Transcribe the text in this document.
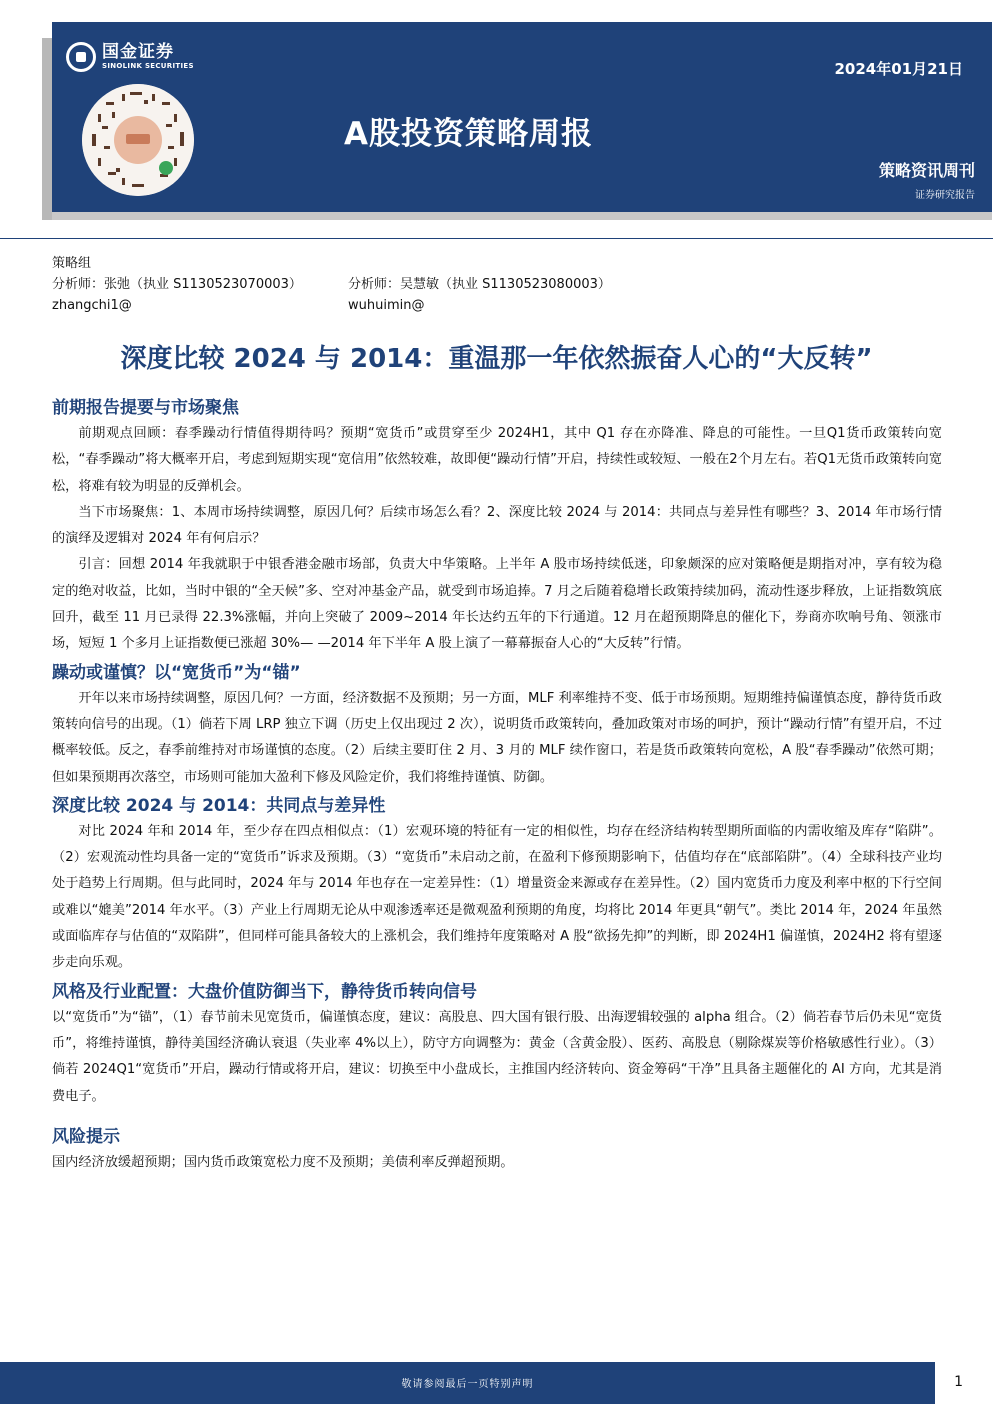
国金证券
SINOLINK SECURITIES	2024年01月21日
A股投资策略周报
策略资讯周刊
证券研究报告
策略组
分析师：张弛（执业 S1130523070003）	分析师：吴慧敏（执业 S1130523080003）
zhangchi1@	wuhuimin@
深度比较 2024 与 2014：重温那一年依然振奋人心的“大反转”
前期报告提要与市场聚焦

前期观点回顾：春季躁动行情值得期待吗？预期“宽货币”或贯穿至少 2024H1，其中 Q1 存在亦降准、降息的可能性。一旦Q1货币政策转向宽松，“春季躁动”将大概率开启，考虑到短期实现“宽信用”依然较难，故即便“躁动行情”开启，持续性或较短、一般在2个月左右。若Q1无货币政策转向宽松，将难有较为明显的反弹机会。

当下市场聚焦：1、本周市场持续调整，原因几何？后续市场怎么看？2、深度比较 2024 与 2014：共同点与差异性有哪些？3、2014 年市场行情的演绎及逻辑对 2024 年有何启示？

引言：回想 2014 年我就职于中银香港金融市场部，负责大中华策略。上半年 A 股市场持续低迷，印象颇深的应对策略便是期指对冲，享有较为稳定的绝对收益，比如，当时中银的“全天候”多、空对冲基金产品，就受到市场追捧。7 月之后随着稳增长政策持续加码，流动性逐步释放，上证指数筑底回升，截至 11 月已录得 22.3%涨幅，并向上突破了 2009~2014 年长达约五年的下行通道。12 月在超预期降息的催化下，券商亦吹响号角、领涨市场，短短 1 个多月上证指数便已涨超 30%— —2014 年下半年 A 股上演了一幕幕振奋人心的“大反转”行情。

躁动或谨慎？以“宽货币”为“锚”

开年以来市场持续调整，原因几何？一方面，经济数据不及预期；另一方面，MLF 利率维持不变、低于市场预期。短期维持偏谨慎态度，静待货币政策转向信号的出现。（1）倘若下周 LRP 独立下调（历史上仅出现过 2 次），说明货币政策转向，叠加政策对市场的呵护，预计“躁动行情”有望开启，不过概率较低。反之，春季前维持对市场谨慎的态度。（2）后续主要盯住 2 月、3 月的 MLF 续作窗口，若是货币政策转向宽松，A 股“春季躁动”依然可期；但如果预期再次落空，市场则可能加大盈利下修及风险定价，我们将维持谨慎、防御。

深度比较 2024 与 2014：共同点与差异性

对比 2024 年和 2014 年，至少存在四点相似点：（1）宏观环境的特征有一定的相似性，均存在经济结构转型期所面临的内需收缩及库存“陷阱”。（2）宏观流动性均具备一定的“宽货币”诉求及预期。（3）“宽货币”未启动之前，在盈利下修预期影响下，估值均存在“底部陷阱”。（4）全球科技产业均处于趋势上行周期。但与此同时，2024 年与 2014 年也存在一定差异性：（1）增量资金来源或存在差异性。（2）国内宽货币力度及利率中枢的下行空间或难以“媲美”2014 年水平。（3）产业上行周期无论从中观渗透率还是微观盈利预期的角度，均将比 2014 年更具“朝气”。类比 2014 年，2024 年虽然或面临库存与估值的“双陷阱”，但同样可能具备较大的上涨机会，我们维持年度策略对 A 股“欲扬先抑”的判断，即 2024H1 偏谨慎，2024H2 将有望逐步走向乐观。

风格及行业配置：大盘价值防御当下，静待货币转向信号

以“宽货币”为“锚”，（1）春节前未见宽货币，偏谨慎态度，建议：高股息、四大国有银行股、出海逻辑较强的 alpha 组合。（2）倘若春节后仍未见“宽货币”，将维持谨慎，静待美国经济确认衰退（失业率 4%以上），防守方向调整为：黄金（含黄金股）、医药、高股息（剔除煤炭等价格敏感性行业）。（3）倘若 2024Q1“宽货币”开启，躁动行情或将开启，建议：切换至中小盘成长，主推国内经济转向、资金筹码“干净”且具备主题催化的 AI 方向，尤其是消费电子。

风险提示

国内经济放缓超预期；国内货币政策宽松力度不及预期；美债利率反弹超预期。

敬请参阅最后一页特别声明	1
